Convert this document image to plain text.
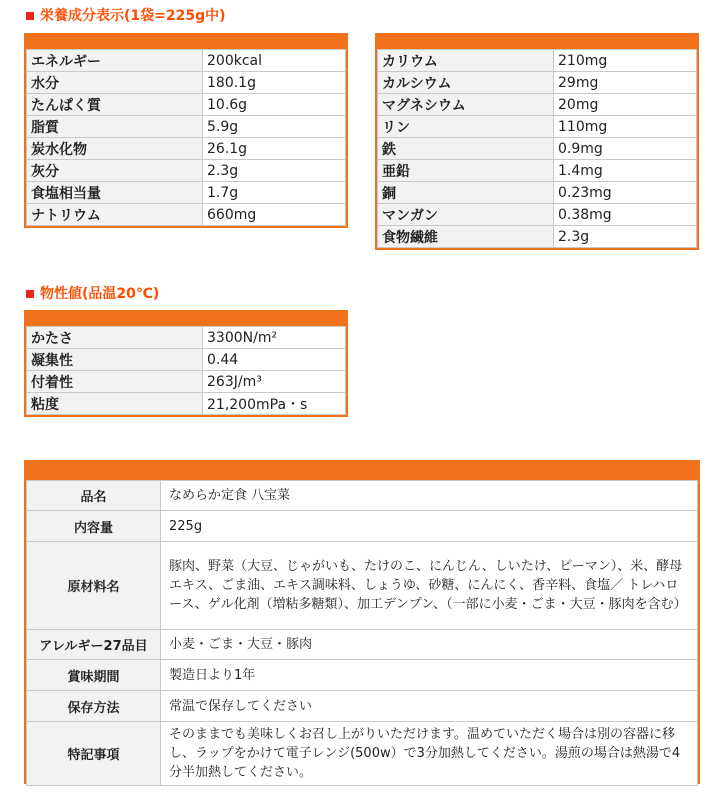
栄養成分表示(1袋=225g中)
エネルギー	200kcal
水分	180.1g
たんぱく質	10.6g
脂質	5.9g
炭水化物	26.1g
灰分	2.3g
食塩相当量	1.7g
ナトリウム	660mg
カリウム	210mg
カルシウム	29mg
マグネシウム	20mg
リン	110mg
鉄	0.9mg
亜鉛	1.4mg
銅	0.23mg
マンガン	0.38mg
食物繊維	2.3g
物性値(品温20℃)
かたさ	3300N/m²
凝集性	0.44
付着性	263J/m³
粘度	21,200mPa・s
品名	なめらか定食 八宝菜
内容量	225g
原材料名	豚肉、野菜（大豆、じゃがいも、たけのこ、にんじん、しいたけ、ピーマン）、米、酵母エキス、ごま油、エキス調味料、しょうゆ、砂糖、にんにく、香辛料、食塩／ トレハロース、ゲル化剤（増粘多糖類）、加工デンプン、（一部に小麦・ごま・大豆・豚肉を含む）
アレルギー27品目	小麦・ごま・大豆・豚肉
賞味期間	製造日より1年
保存方法	常温で保存してください
特記事項	そのままでも美味しくお召し上がりいただけます。温めていただく場合は別の容器に移し、ラップをかけて電子レンジ(500w）で3分加熱してください。湯煎の場合は熱湯で4分半加熱してください。
